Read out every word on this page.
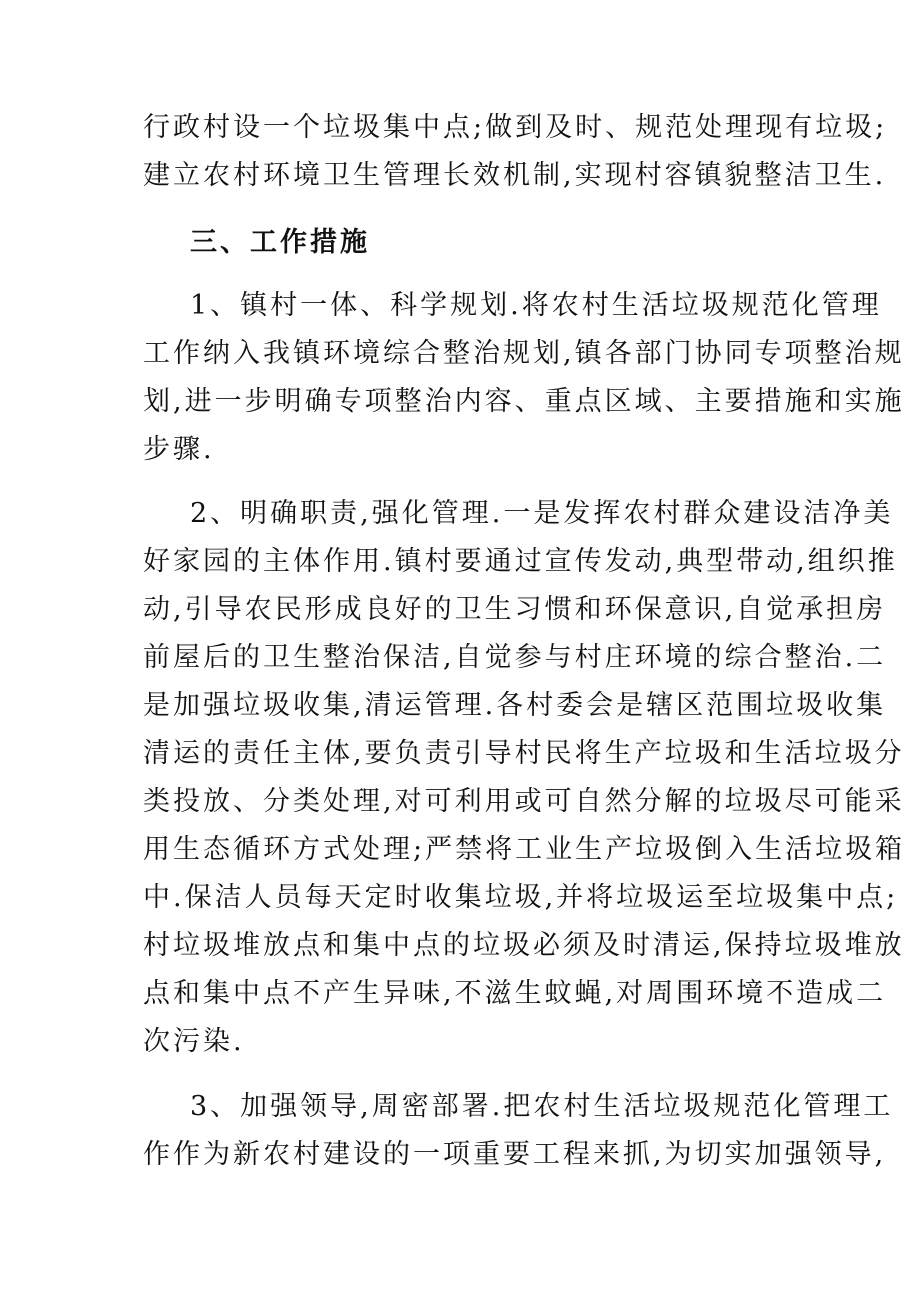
行政村设一个垃圾集中点;做到及时、规范处理现有垃圾;
建立农村环境卫生管理长效机制,实现村容镇貌整洁卫生.
三、工作措施
1、镇村一体、科学规划.将农村生活垃圾规范化管理
工作纳入我镇环境综合整治规划,镇各部门协同专项整治规
划,进一步明确专项整治内容、重点区域、主要措施和实施
步骤.
2、明确职责,强化管理.一是发挥农村群众建设洁净美
好家园的主体作用.镇村要通过宣传发动,典型带动,组织推
动,引导农民形成良好的卫生习惯和环保意识,自觉承担房
前屋后的卫生整治保洁,自觉参与村庄环境的综合整治.二
是加强垃圾收集,清运管理.各村委会是辖区范围垃圾收集
清运的责任主体,要负责引导村民将生产垃圾和生活垃圾分
类投放、分类处理,对可利用或可自然分解的垃圾尽可能采
用生态循环方式处理;严禁将工业生产垃圾倒入生活垃圾箱
中.保洁人员每天定时收集垃圾,并将垃圾运至垃圾集中点;
村垃圾堆放点和集中点的垃圾必须及时清运,保持垃圾堆放
点和集中点不产生异味,不滋生蚊蝇,对周围环境不造成二
次污染.
3、加强领导,周密部署.把农村生活垃圾规范化管理工
作作为新农村建设的一项重要工程来抓,为切实加强领导,
